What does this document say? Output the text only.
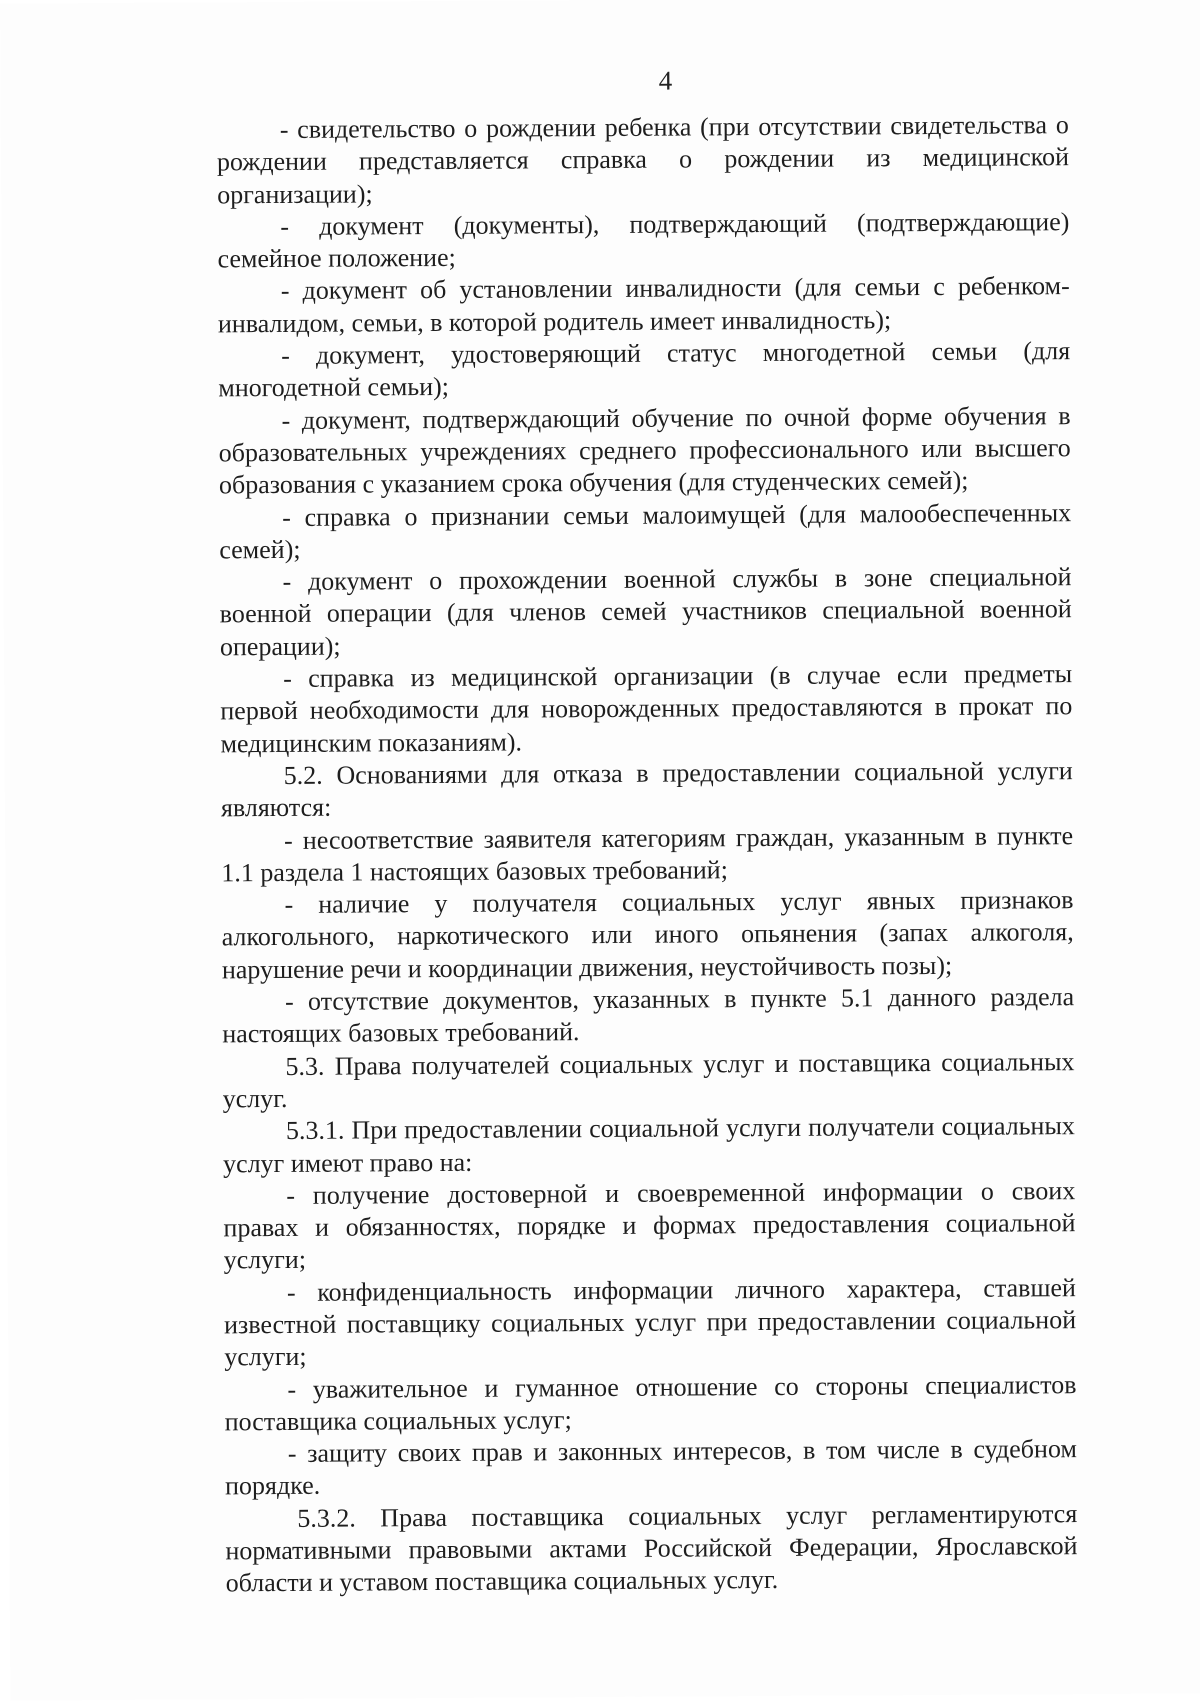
4

- свидетельство о рождении ребенка (при отсутствии свидетельства о рождении представляется справка о рождении из медицинской организации);

- документ (документы), подтверждающий (подтверждающие) семейное положение;

- документ об установлении инвалидности (для семьи с ребенком-инвалидом, семьи, в которой родитель имеет инвалидность);

- документ, удостоверяющий статус многодетной семьи (для многодетной семьи);

- документ, подтверждающий обучение по очной форме обучения в образовательных учреждениях среднего профессионального или высшего образования с указанием срока обучения (для студенческих семей);

- справка о признании семьи малоимущей (для малообеспеченных семей);

- документ о прохождении военной службы в зоне специальной военной операции (для членов семей участников специальной военной операции);

- справка из медицинской организации (в случае если предметы первой необходимости для новорожденных предоставляются в прокат по медицинским показаниям).

5.2. Основаниями для отказа в предоставлении социальной услуги являются:

- несоответствие заявителя категориям граждан, указанным в пункте 1.1 раздела 1 настоящих базовых требований;

- наличие у получателя социальных услуг явных признаков алкогольного, наркотического или иного опьянения (запах алкоголя, нарушение речи и координации движения, неустойчивость позы);

- отсутствие документов, указанных в пункте 5.1 данного раздела настоящих базовых требований.

5.3. Права получателей социальных услуг и поставщика социальных услуг.

5.3.1. При предоставлении социальной услуги получатели социальных услуг имеют право на:

- получение достоверной и своевременной информации о своих правах и обязанностях, порядке и формах предоставления социальной услуги;

- конфиденциальность информации личного характера, ставшей известной поставщику социальных услуг при предоставлении социальной услуги;

- уважительное и гуманное отношение со стороны специалистов поставщика социальных услуг;

- защиту своих прав и законных интересов, в том числе в судебном порядке.

5.3.2. Права поставщика социальных услуг регламентируются нормативными правовыми актами Российской Федерации, Ярославской области и уставом поставщика социальных услуг.
